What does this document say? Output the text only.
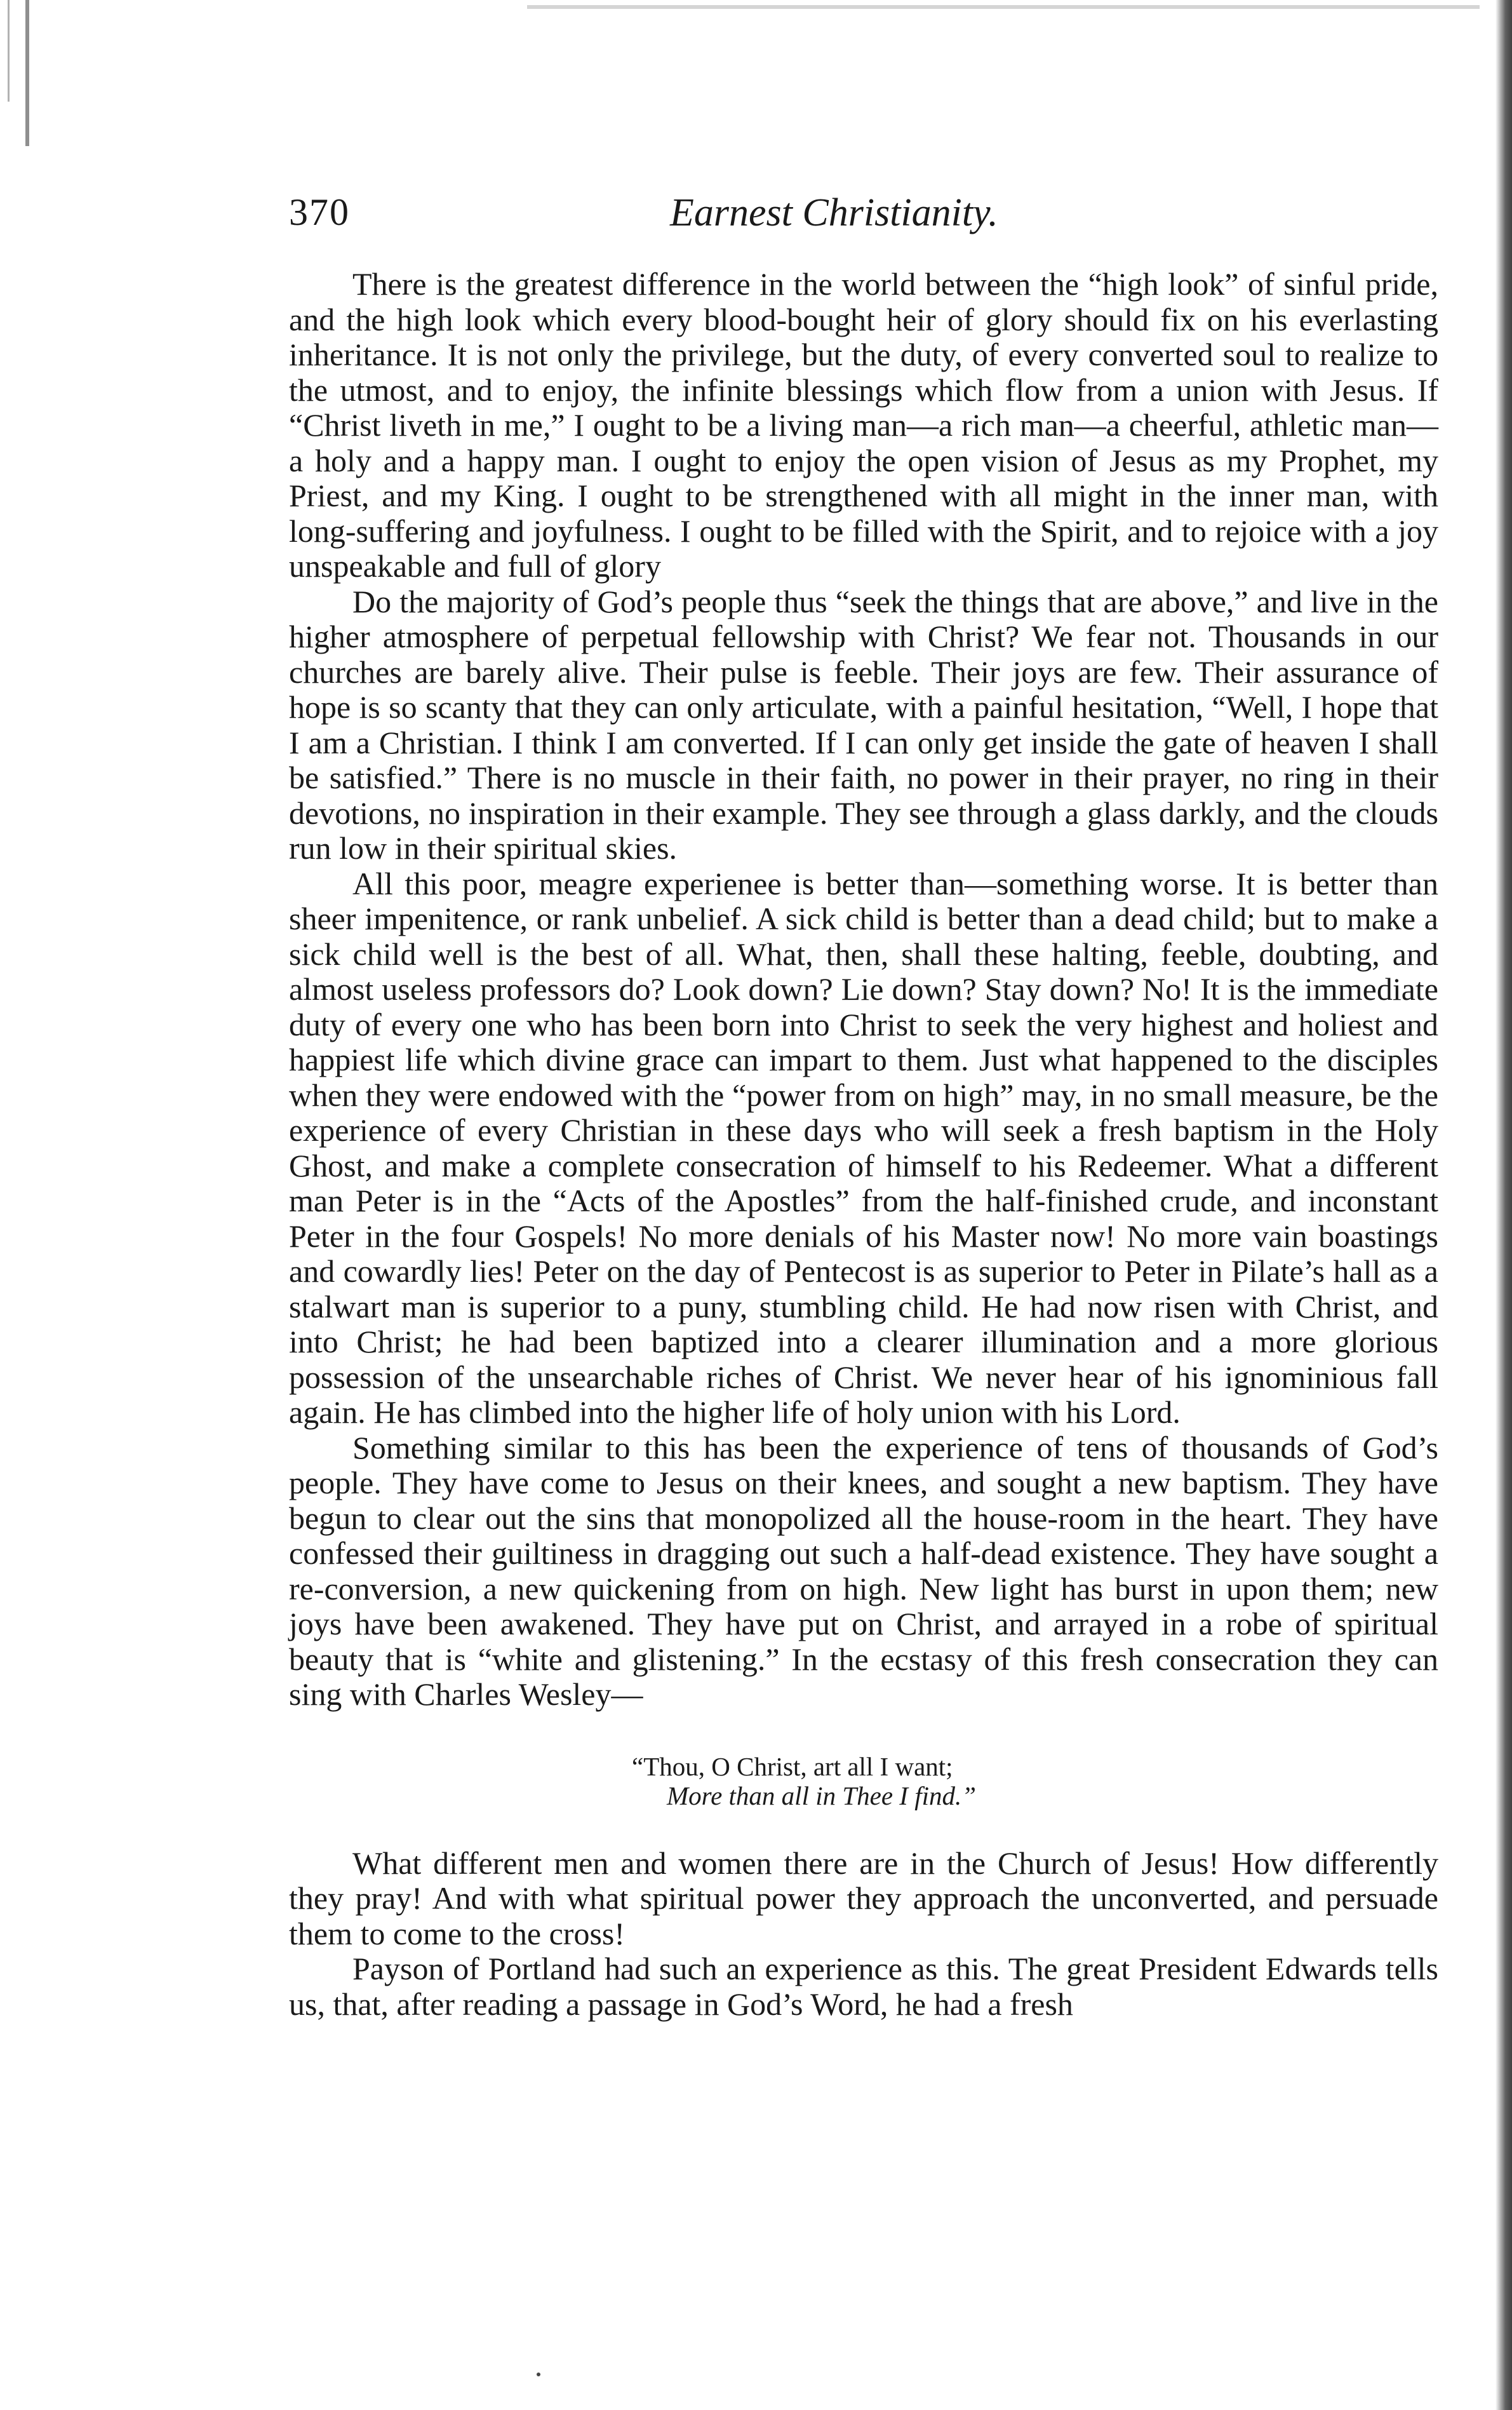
370	Earnest Christianity.

There is the greatest difference in the world between the “high look” of sinful pride, and the high look which every blood-bought heir of glory should fix on his everlasting inheritance. It is not only the privilege, but the duty, of every converted soul to realize to the utmost, and to enjoy, the infinite blessings which flow from a union with Jesus. If “Christ liveth in me,” I ought to be a living man—a rich man—a cheerful, athletic man—a holy and a happy man. I ought to enjoy the open vision of Jesus as my Prophet, my Priest, and my King. I ought to be strengthened with all might in the inner man, with long-suffering and joyfulness. I ought to be filled with the Spirit, and to rejoice with a joy unspeakable and full of glory

Do the majority of God’s people thus “seek the things that are above,” and live in the higher atmosphere of perpetual fellowship with Christ? We fear not. Thousands in our churches are barely alive. Their pulse is feeble. Their joys are few. Their assurance of hope is so scanty that they can only articulate, with a painful hesitation, “Well, I hope that I am a Christian. I think I am converted. If I can only get inside the gate of heaven I shall be satisfied.” There is no muscle in their faith, no power in their prayer, no ring in their devotions, no inspiration in their example. They see through a glass darkly, and the clouds run low in their spiritual skies.

All this poor, meagre experienee is better than—something worse. It is better than sheer impenitence, or rank unbelief. A sick child is better than a dead child; but to make a sick child well is the best of all. What, then, shall these halting, feeble, doubting, and almost useless professors do? Look down? Lie down? Stay down? No! It is the immediate duty of every one who has been born into Christ to seek the very highest and holiest and happiest life which divine grace can impart to them. Just what happened to the disciples when they were endowed with the “power from on high” may, in no small measure, be the experience of every Christian in these days who will seek a fresh baptism in the Holy Ghost, and make a complete consecration of himself to his Redeemer. What a different man Peter is in the “Acts of the Apostles” from the half-finished crude, and inconstant Peter in the four Gospels! No more denials of his Master now! No more vain boastings and cowardly lies! Peter on the day of Pentecost is as superior to Peter in Pilate’s hall as a stalwart man is superior to a puny, stumbling child. He had now risen with Christ, and into Christ; he had been baptized into a clearer illumination and a more glorious possession of the unsearchable riches of Christ. We never hear of his ignominious fall again. He has climbed into the higher life of holy union with his Lord.

Something similar to this has been the experience of tens of thousands of God’s people. They have come to Jesus on their knees, and sought a new baptism. They have begun to clear out the sins that monopolized all the house-room in the heart. They have confessed their guiltiness in dragging out such a half-dead existence. They have sought a re-conversion, a new quickening from on high. New light has burst in upon them; new joys have been awakened. They have put on Christ, and arrayed in a robe of spiritual beauty that is “white and glistening.” In the ecstasy of this fresh consecration they can sing with Charles Wesley—

“Thou, O Christ, art all I want;
More than all in Thee I find.”

What different men and women there are in the Church of Jesus! How differently they pray! And with what spiritual power they approach the unconverted, and persuade them to come to the cross!

Payson of Portland had such an experience as this. The great President Edwards tells us, that, after reading a passage in God’s Word, he had a fresh
